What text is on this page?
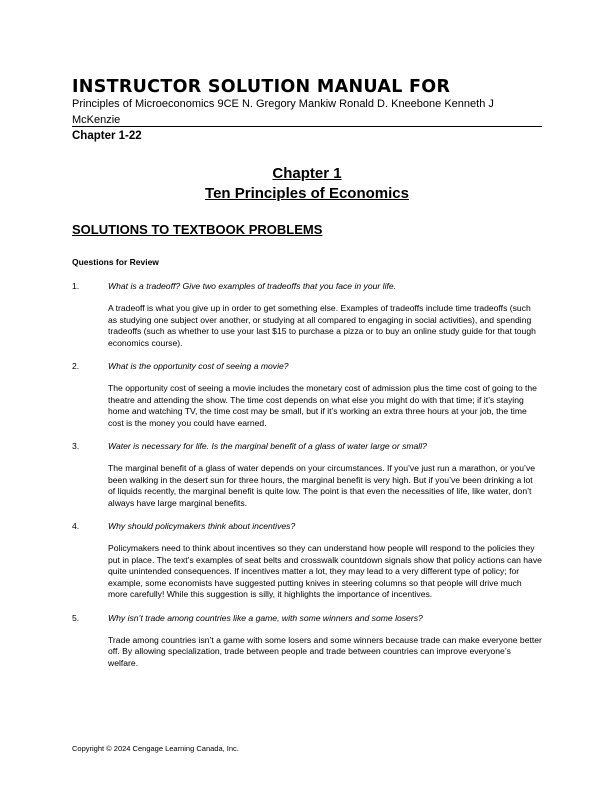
INSTRUCTOR SOLUTION MANUAL FOR

Principles of Microeconomics 9CE N. Gregory Mankiw Ronald D. Kneebone Kenneth J McKenzie

Chapter 1-22

Chapter 1
Ten Principles of Economics
SOLUTIONS TO TEXTBOOK PROBLEMS

Questions for Review

1.	What is a tradeoff? Give two examples of tradeoffs that you face in your life.

A tradeoff is what you give up in order to get something else. Examples of tradeoffs include time tradeoffs (such as studying one subject over another, or studying at all compared to engaging in social activities), and spending tradeoffs (such as whether to use your last $15 to purchase a pizza or to buy an online study guide for that tough economics course).

2.	What is the opportunity cost of seeing a movie?

The opportunity cost of seeing a movie includes the monetary cost of admission plus the time cost of going to the theatre and attending the show. The time cost depends on what else you might do with that time; if it’s staying home and watching TV, the time cost may be small, but if it’s working an extra three hours at your job, the time cost is the money you could have earned.

3.	Water is necessary for life. Is the marginal benefit of a glass of water large or small?

The marginal benefit of a glass of water depends on your circumstances. If you’ve just run a marathon, or you’ve been walking in the desert sun for three hours, the marginal benefit is very high. But if you’ve been drinking a lot of liquids recently, the marginal benefit is quite low. The point is that even the necessities of life, like water, don’t always have large marginal benefits.

4.	Why should policymakers think about incentives?

Policymakers need to think about incentives so they can understand how people will respond to the policies they put in place. The text’s examples of seat belts and crosswalk countdown signals show that policy actions can have quite unintended consequences. If incentives matter a lot, they may lead to a very different type of policy; for example, some economists have suggested putting knives in steering columns so that people will drive much more carefully! While this suggestion is silly, it highlights the importance of incentives.

5.	Why isn’t trade among countries like a game, with some winners and some losers?

Trade among countries isn’t a game with some losers and some winners because trade can make everyone better off. By allowing specialization, trade between people and trade between countries can improve everyone’s welfare.

Copyright © 2024 Cengage Learning Canada, Inc.
